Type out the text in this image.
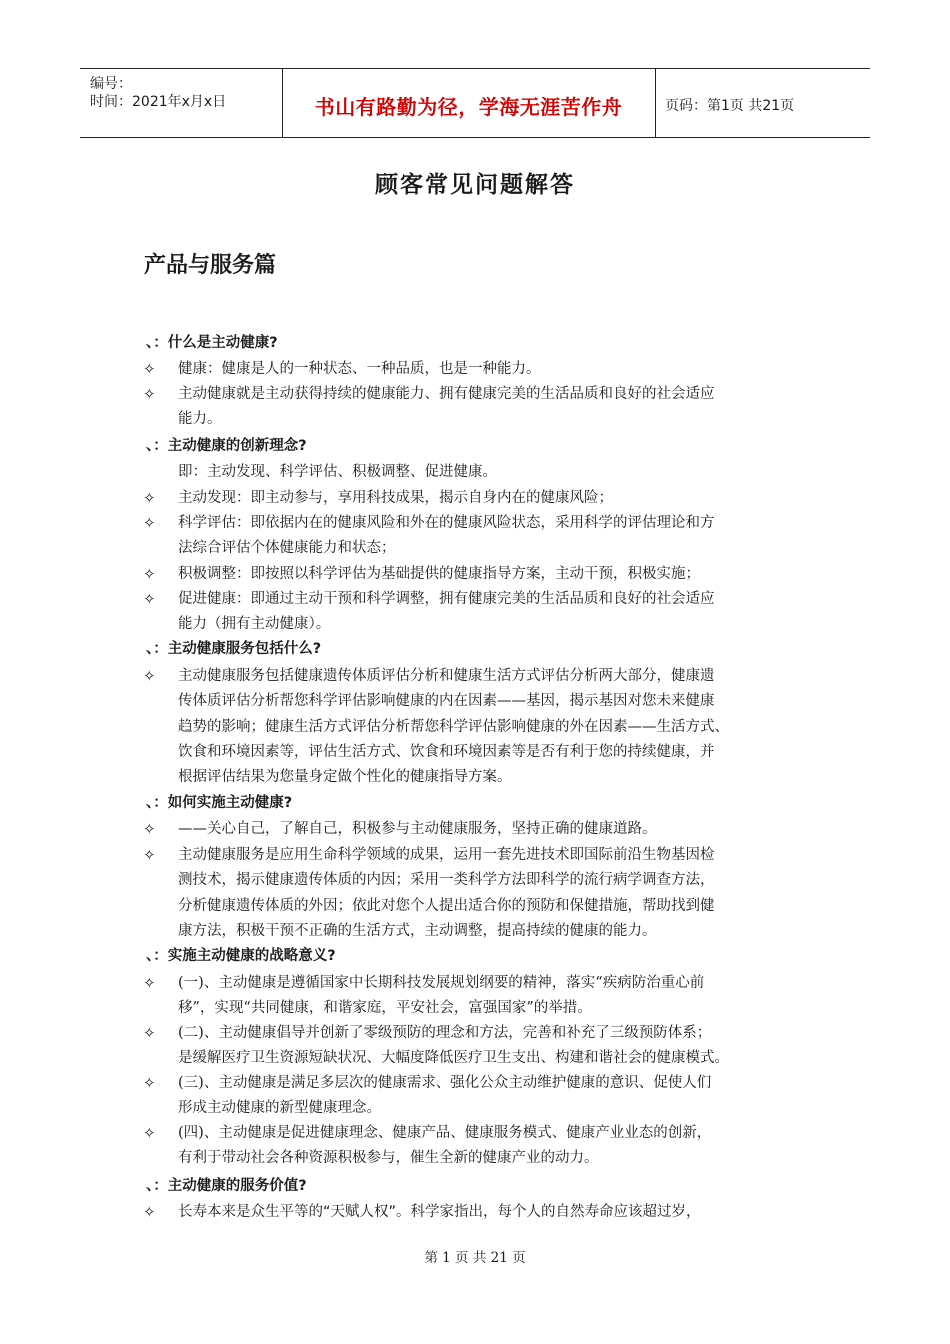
编号：
时间：2021年x月x日	书山有路勤为径，学海无涯苦作舟	页码：第1页 共21页
顾客常见问题解答
产品与服务篇
、：什么是主动健康?
✧ 健康：健康是人的一种状态、一种品质，也是一种能力。
✧ 主动健康就是主动获得持续的健康能力、拥有健康完美的生活品质和良好的社会适应
能力。
、：主动健康的创新理念?
即：主动发现、科学评估、积极调整、促进健康。
✧ 主动发现：即主动参与，享用科技成果，揭示自身内在的健康风险；
✧ 科学评估：即依据内在的健康风险和外在的健康风险状态，采用科学的评估理论和方
法综合评估个体健康能力和状态；
✧ 积极调整：即按照以科学评估为基础提供的健康指导方案，主动干预，积极实施；
✧ 促进健康：即通过主动干预和科学调整，拥有健康完美的生活品质和良好的社会适应
能力（拥有主动健康）。
、：主动健康服务包括什么?
✧ 主动健康服务包括健康遗传体质评估分析和健康生活方式评估分析两大部分，健康遗
传体质评估分析帮您科学评估影响健康的内在因素——基因，揭示基因对您未来健康
趋势的影响；健康生活方式评估分析帮您科学评估影响健康的外在因素——生活方式、
饮食和环境因素等，评估生活方式、饮食和环境因素等是否有利于您的持续健康，并
根据评估结果为您量身定做个性化的健康指导方案。
、：如何实施主动健康?
✧ ——关心自己，了解自己，积极参与主动健康服务，坚持正确的健康道路。
✧ 主动健康服务是应用生命科学领域的成果，运用一套先进技术即国际前沿生物基因检
测技术，揭示健康遗传体质的内因；采用一类科学方法即科学的流行病学调查方法，
分析健康遗传体质的外因；依此对您个人提出适合你的预防和保健措施，帮助找到健
康方法，积极干预不正确的生活方式，主动调整，提高持续的健康的能力。
、：实施主动健康的战略意义?
✧ (一)、主动健康是遵循国家中长期科技发展规划纲要的精神，落实“疾病防治重心前
移”，实现“共同健康，和谐家庭，平安社会，富强国家”的举措。
✧ (二)、主动健康倡导并创新了零级预防的理念和方法，完善和补充了三级预防体系；
是缓解医疗卫生资源短缺状况、大幅度降低医疗卫生支出、构建和谐社会的健康模式。
✧ (三)、主动健康是满足多层次的健康需求、强化公众主动维护健康的意识、促使人们
形成主动健康的新型健康理念。
✧ (四)、主动健康是促进健康理念、健康产品、健康服务模式、健康产业业态的创新，
有利于带动社会各种资源积极参与，催生全新的健康产业的动力。
、：主动健康的服务价值?
✧ 长寿本来是众生平等的“天赋人权”。科学家指出，每个人的自然寿命应该超过岁，
第 1 页 共 21 页
